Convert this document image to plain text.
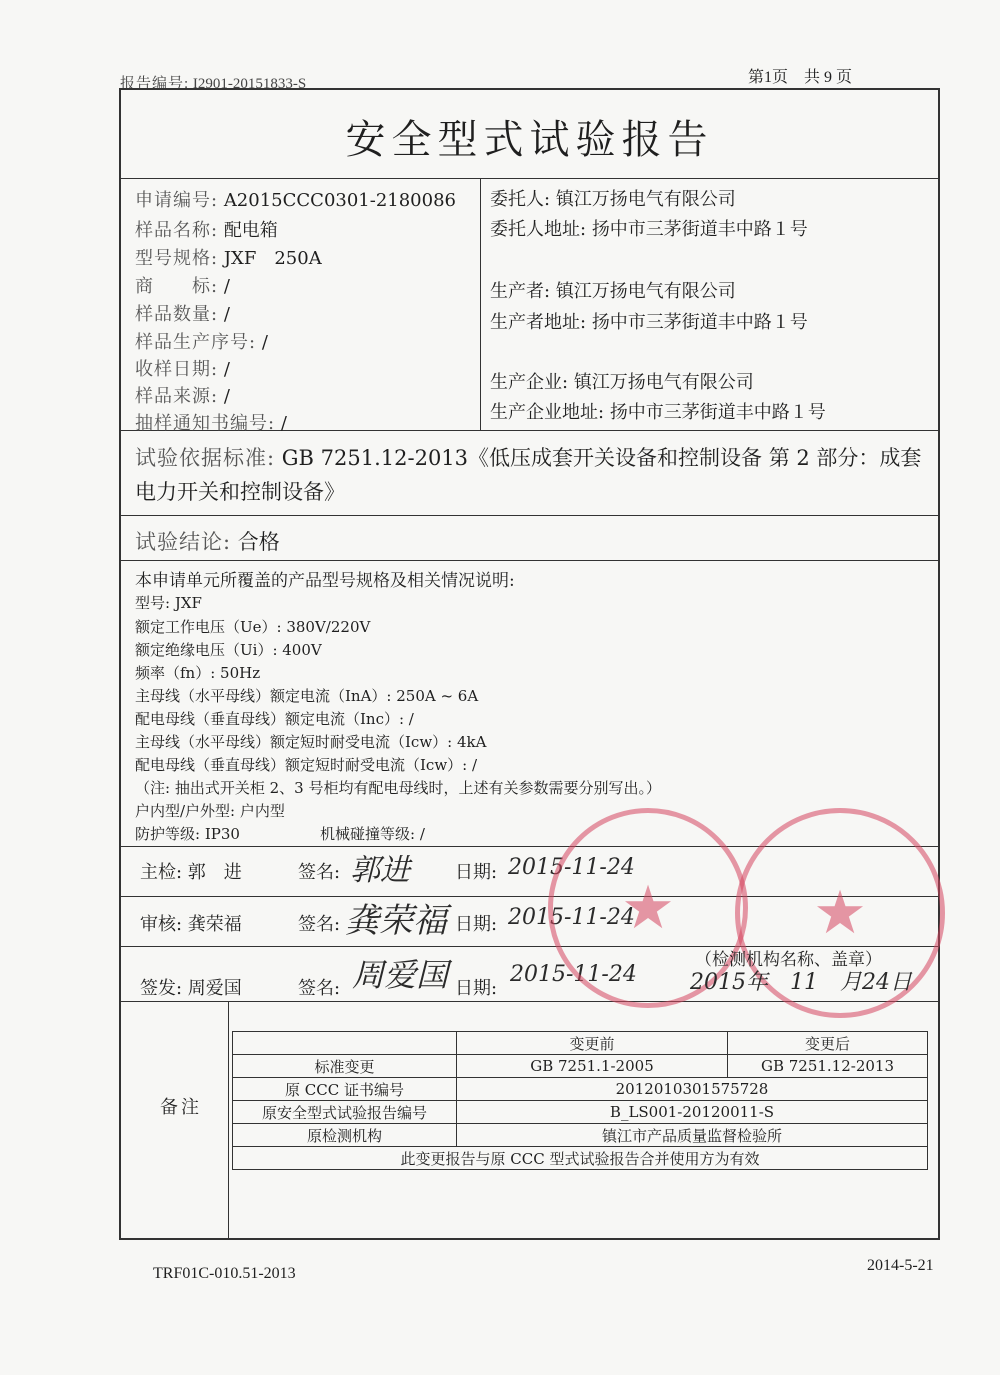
报告编号: I2901-20151833-S	第1页　共 9 页
安全型式试验报告
申请编号: A2015CCC0301-2180086
样品名称: 配电箱
型号规格: JXF　250A
商　　标: /
样品数量: /
样品生产序号: /
收样日期: /
样品来源: /
抽样通知书编号: /
委托人: 镇江万扬电气有限公司
委托人地址: 扬中市三茅街道丰中路１号
生产者: 镇江万扬电气有限公司
生产者地址: 扬中市三茅街道丰中路１号
生产企业: 镇江万扬电气有限公司
生产企业地址: 扬中市三茅街道丰中路１号
试验依据标准: GB 7251.12-2013《低压成套开关设备和控制设备 第 2 部分：成套
电力开关和控制设备》
试验结论: 合格
本申请单元所覆盖的产品型号规格及相关情况说明:
型号: JXF
额定工作电压（Ue）: 380V/220V
额定绝缘电压（Ui）: 400V
频率（fn）: 50Hz
主母线（水平母线）额定电流（InA）: 250A ~ 6A
配电母线（垂直母线）额定电流（Inc）: /
主母线（水平母线）额定短时耐受电流（Icw）: 4kA
配电母线（垂直母线）额定短时耐受电流（Icw）: /
（注: 抽出式开关柜 2、3 号柜均有配电母线时，上述有关参数需要分别写出。）
户内型/户外型: 户内型
防护等级: IP30	机械碰撞等级: /
主检: 郭　进	签名: 郭进	日期: 2015-11-24
审核: 龚荣福	签名: 龚荣福 日期: 2015-11-24
签发: 周爱国	签名: 周爱国 日期:
2015-11-24
★ ★
（检测机构名称、盖章）
2015年　11　月24日
备注
	变更前	变更后
标准变更	GB 7251.1-2005	GB 7251.12-2013
原 CCC 证书编号	2012010301575728	
原安全型式试验报告编号	B_LS001-20120011-S	
原检测机构	镇江市产品质量监督检验所	
此变更报告与原 CCC 型式试验报告合并使用方为有效		
TRF01C-010.51-2013	2014-5-21
